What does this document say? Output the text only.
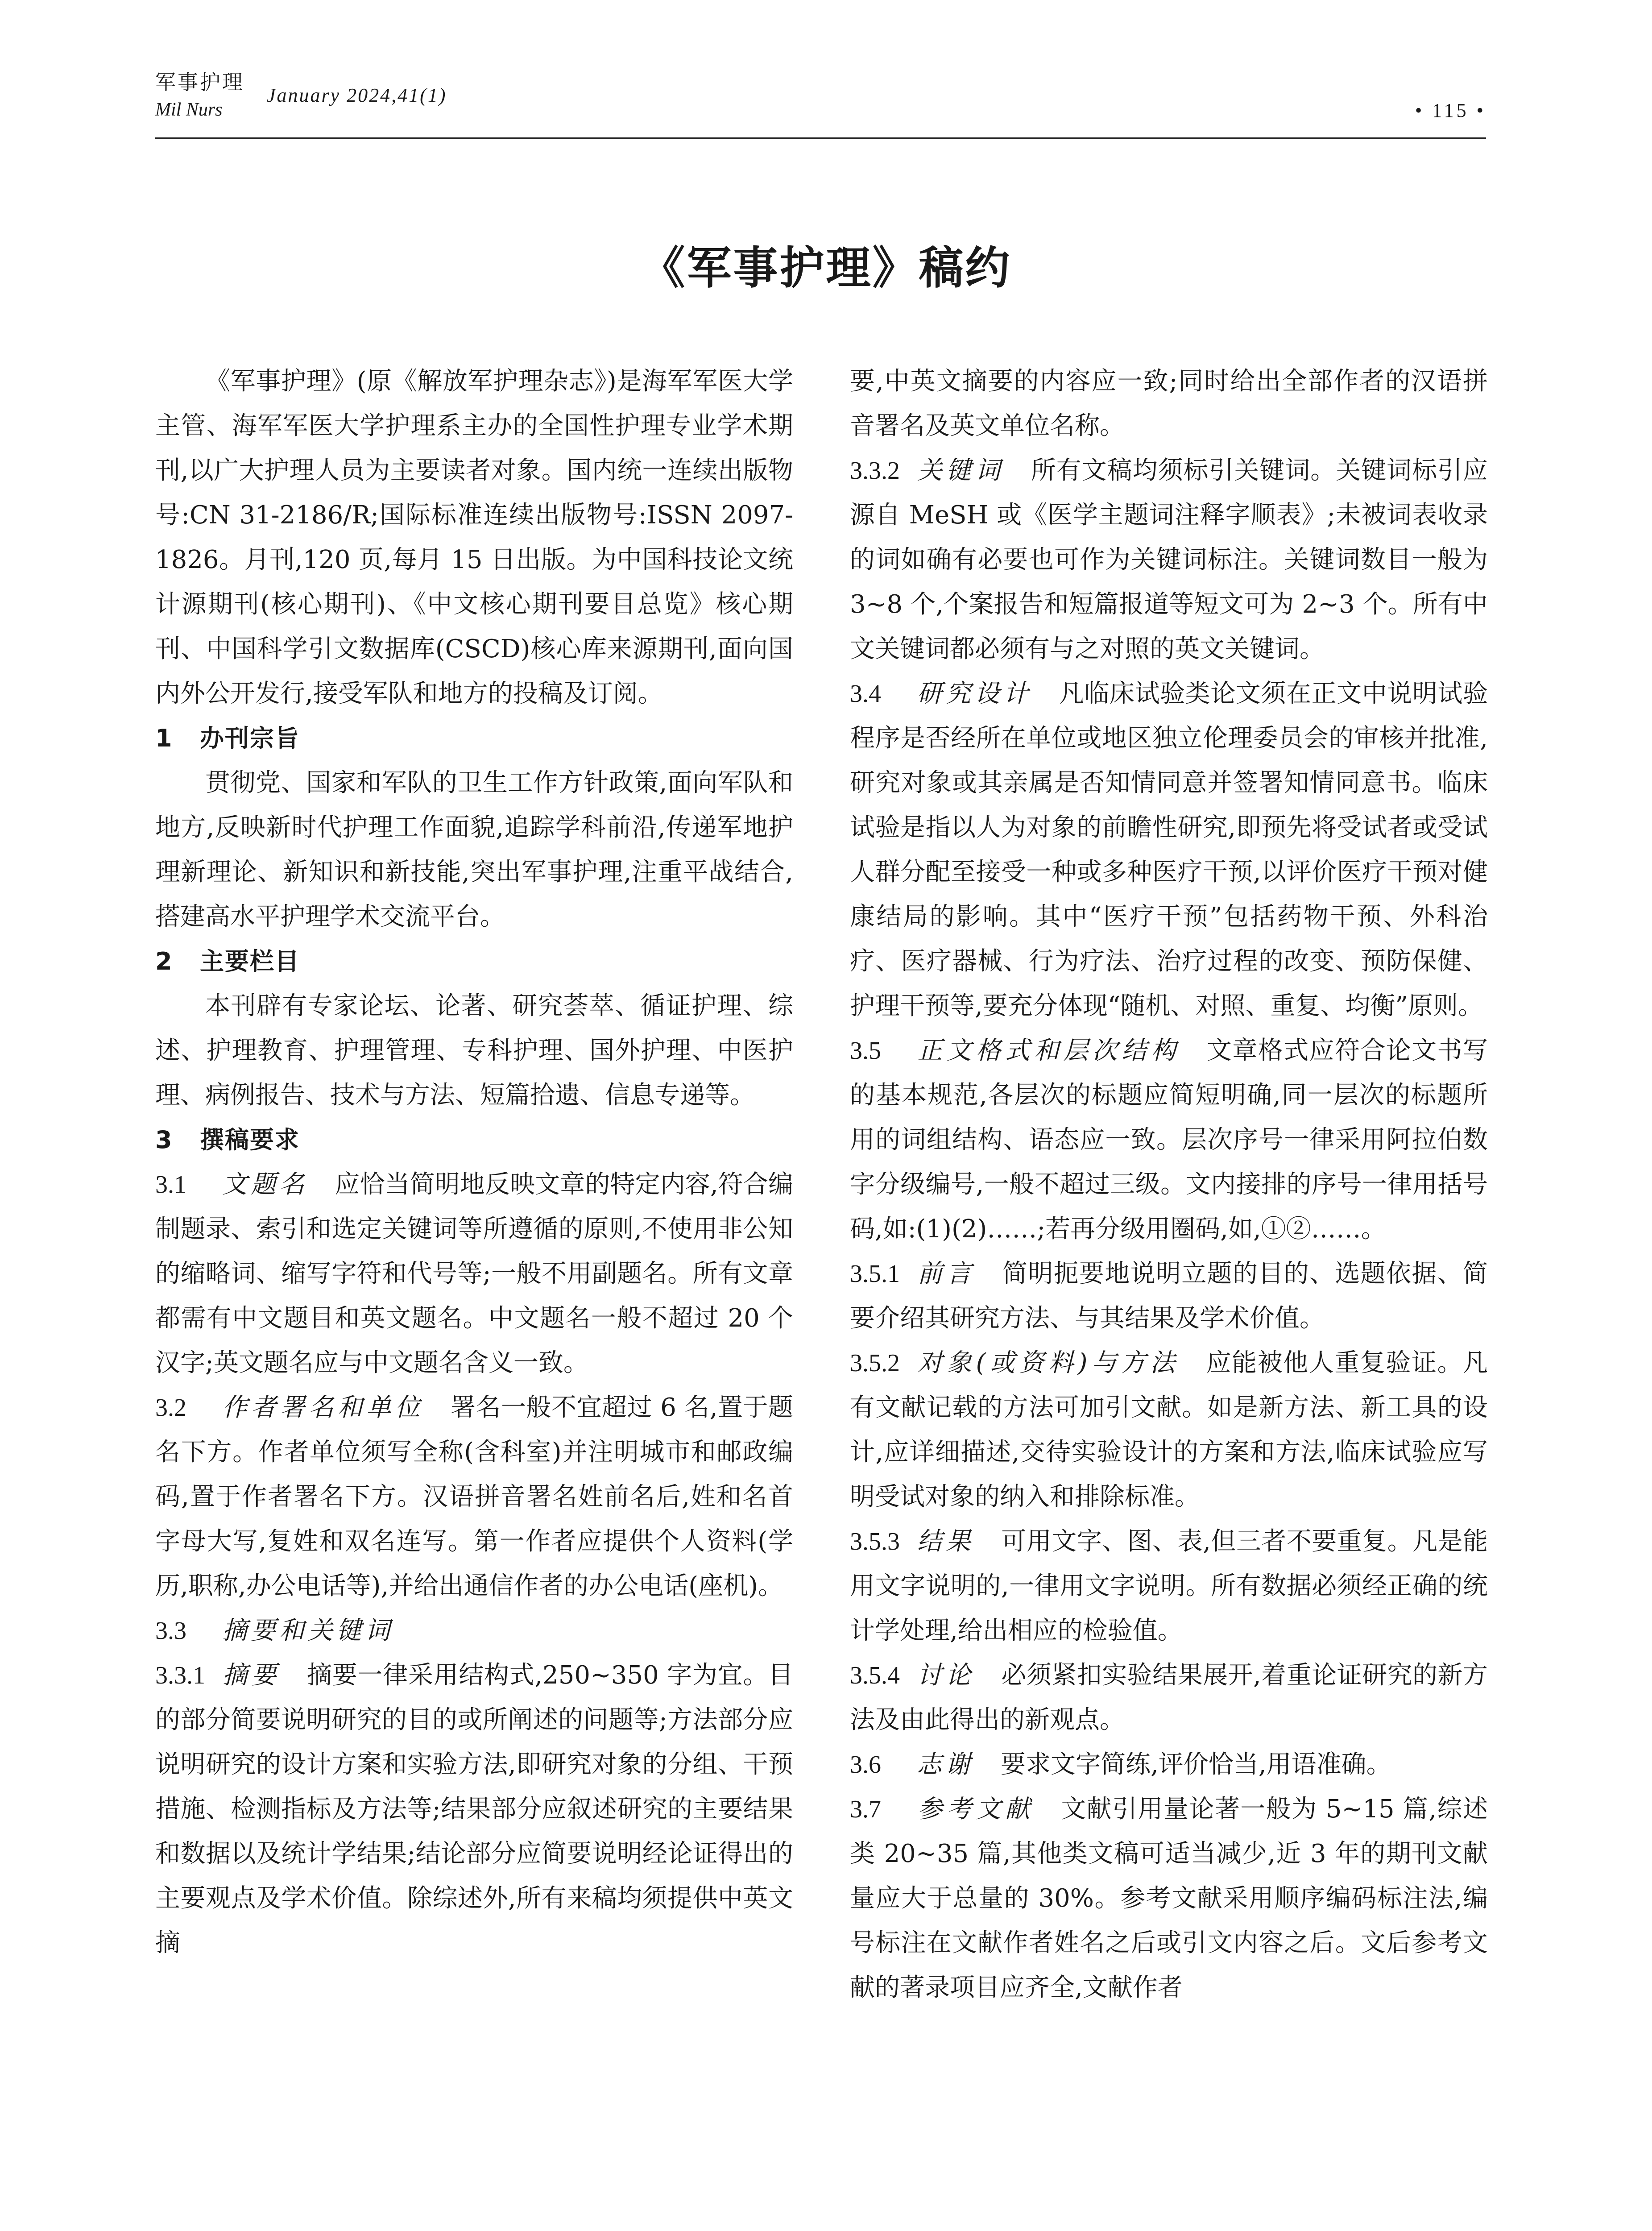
军事护理
Mil Nurs
January 2024,41(1)
• 115 •
《军事护理》稿约

《军事护理》(原《解放军护理杂志》)是海军军医大学主管、海军军医大学护理系主办的全国性护理专业学术期刊,以广大护理人员为主要读者对象。国内统一连续出版物号:CN 31-2186/R;国际标准连续出版物号:ISSN 2097-1826。月刊,120 页,每月 15 日出版。为中国科技论文统计源期刊(核心期刊)、《中文核心期刊要目总览》核心期刊、中国科学引文数据库(CSCD)核心库来源期刊,面向国内外公开发行,接受军队和地方的投稿及订阅。

1 办刊宗旨

贯彻党、国家和军队的卫生工作方针政策,面向军队和地方,反映新时代护理工作面貌,追踪学科前沿,传递军地护理新理论、新知识和新技能,突出军事护理,注重平战结合,搭建高水平护理学术交流平台。

2 主要栏目

本刊辟有专家论坛、论著、研究荟萃、循证护理、综述、护理教育、护理管理、专科护理、国外护理、中医护理、病例报告、技术与方法、短篇拾遗、信息专递等。

3 撰稿要求

3.1 文题名 应恰当简明地反映文章的特定内容,符合编制题录、索引和选定关键词等所遵循的原则,不使用非公知的缩略词、缩写字符和代号等;一般不用副题名。所有文章都需有中文题目和英文题名。中文题名一般不超过 20 个汉字;英文题名应与中文题名含义一致。

3.2 作者署名和单位 署名一般不宜超过 6 名,置于题名下方。作者单位须写全称(含科室)并注明城市和邮政编码,置于作者署名下方。汉语拼音署名姓前名后,姓和名首字母大写,复姓和双名连写。第一作者应提供个人资料(学历,职称,办公电话等),并给出通信作者的办公电话(座机)。

3.3 摘要和关键词

3.3.1 摘要 摘要一律采用结构式,250~350 字为宜。目的部分简要说明研究的目的或所阐述的问题等;方法部分应说明研究的设计方案和实验方法,即研究对象的分组、干预措施、检测指标及方法等;结果部分应叙述研究的主要结果和数据以及统计学结果;结论部分应简要说明经论证得出的主要观点及学术价值。除综述外,所有来稿均须提供中英文摘

要,中英文摘要的内容应一致;同时给出全部作者的汉语拼音署名及英文单位名称。

3.3.2 关键词 所有文稿均须标引关键词。关键词标引应源自 MeSH 或《医学主题词注释字顺表》;未被词表收录的词如确有必要也可作为关键词标注。关键词数目一般为 3~8 个,个案报告和短篇报道等短文可为 2~3 个。所有中文关键词都必须有与之对照的英文关键词。

3.4 研究设计 凡临床试验类论文须在正文中说明试验程序是否经所在单位或地区独立伦理委员会的审核并批准,研究对象或其亲属是否知情同意并签署知情同意书。临床试验是指以人为对象的前瞻性研究,即预先将受试者或受试人群分配至接受一种或多种医疗干预,以评价医疗干预对健康结局的影响。其中“医疗干预”包括药物干预、外科治疗、医疗器械、行为疗法、治疗过程的改变、预防保健、护理干预等,要充分体现“随机、对照、重复、均衡”原则。

3.5 正文格式和层次结构 文章格式应符合论文书写的基本规范,各层次的标题应简短明确,同一层次的标题所用的词组结构、语态应一致。层次序号一律采用阿拉伯数字分级编号,一般不超过三级。文内接排的序号一律用括号码,如:(1)(2)……;若再分级用圈码,如,①②……。

3.5.1 前言 简明扼要地说明立题的目的、选题依据、简要介绍其研究方法、与其结果及学术价值。

3.5.2 对象(或资料)与方法 应能被他人重复验证。凡有文献记载的方法可加引文献。如是新方法、新工具的设计,应详细描述,交待实验设计的方案和方法,临床试验应写明受试对象的纳入和排除标准。

3.5.3 结果 可用文字、图、表,但三者不要重复。凡是能用文字说明的,一律用文字说明。所有数据必须经正确的统计学处理,给出相应的检验值。

3.5.4 讨论 必须紧扣实验结果展开,着重论证研究的新方法及由此得出的新观点。

3.6 志谢 要求文字简练,评价恰当,用语准确。

3.7 参考文献 文献引用量论著一般为 5~15 篇,综述类 20~35 篇,其他类文稿可适当减少,近 3 年的期刊文献量应大于总量的 30%。参考文献采用顺序编码标注法,编号标注在文献作者姓名之后或引文内容之后。文后参考文献的著录项目应齐全,文献作者
